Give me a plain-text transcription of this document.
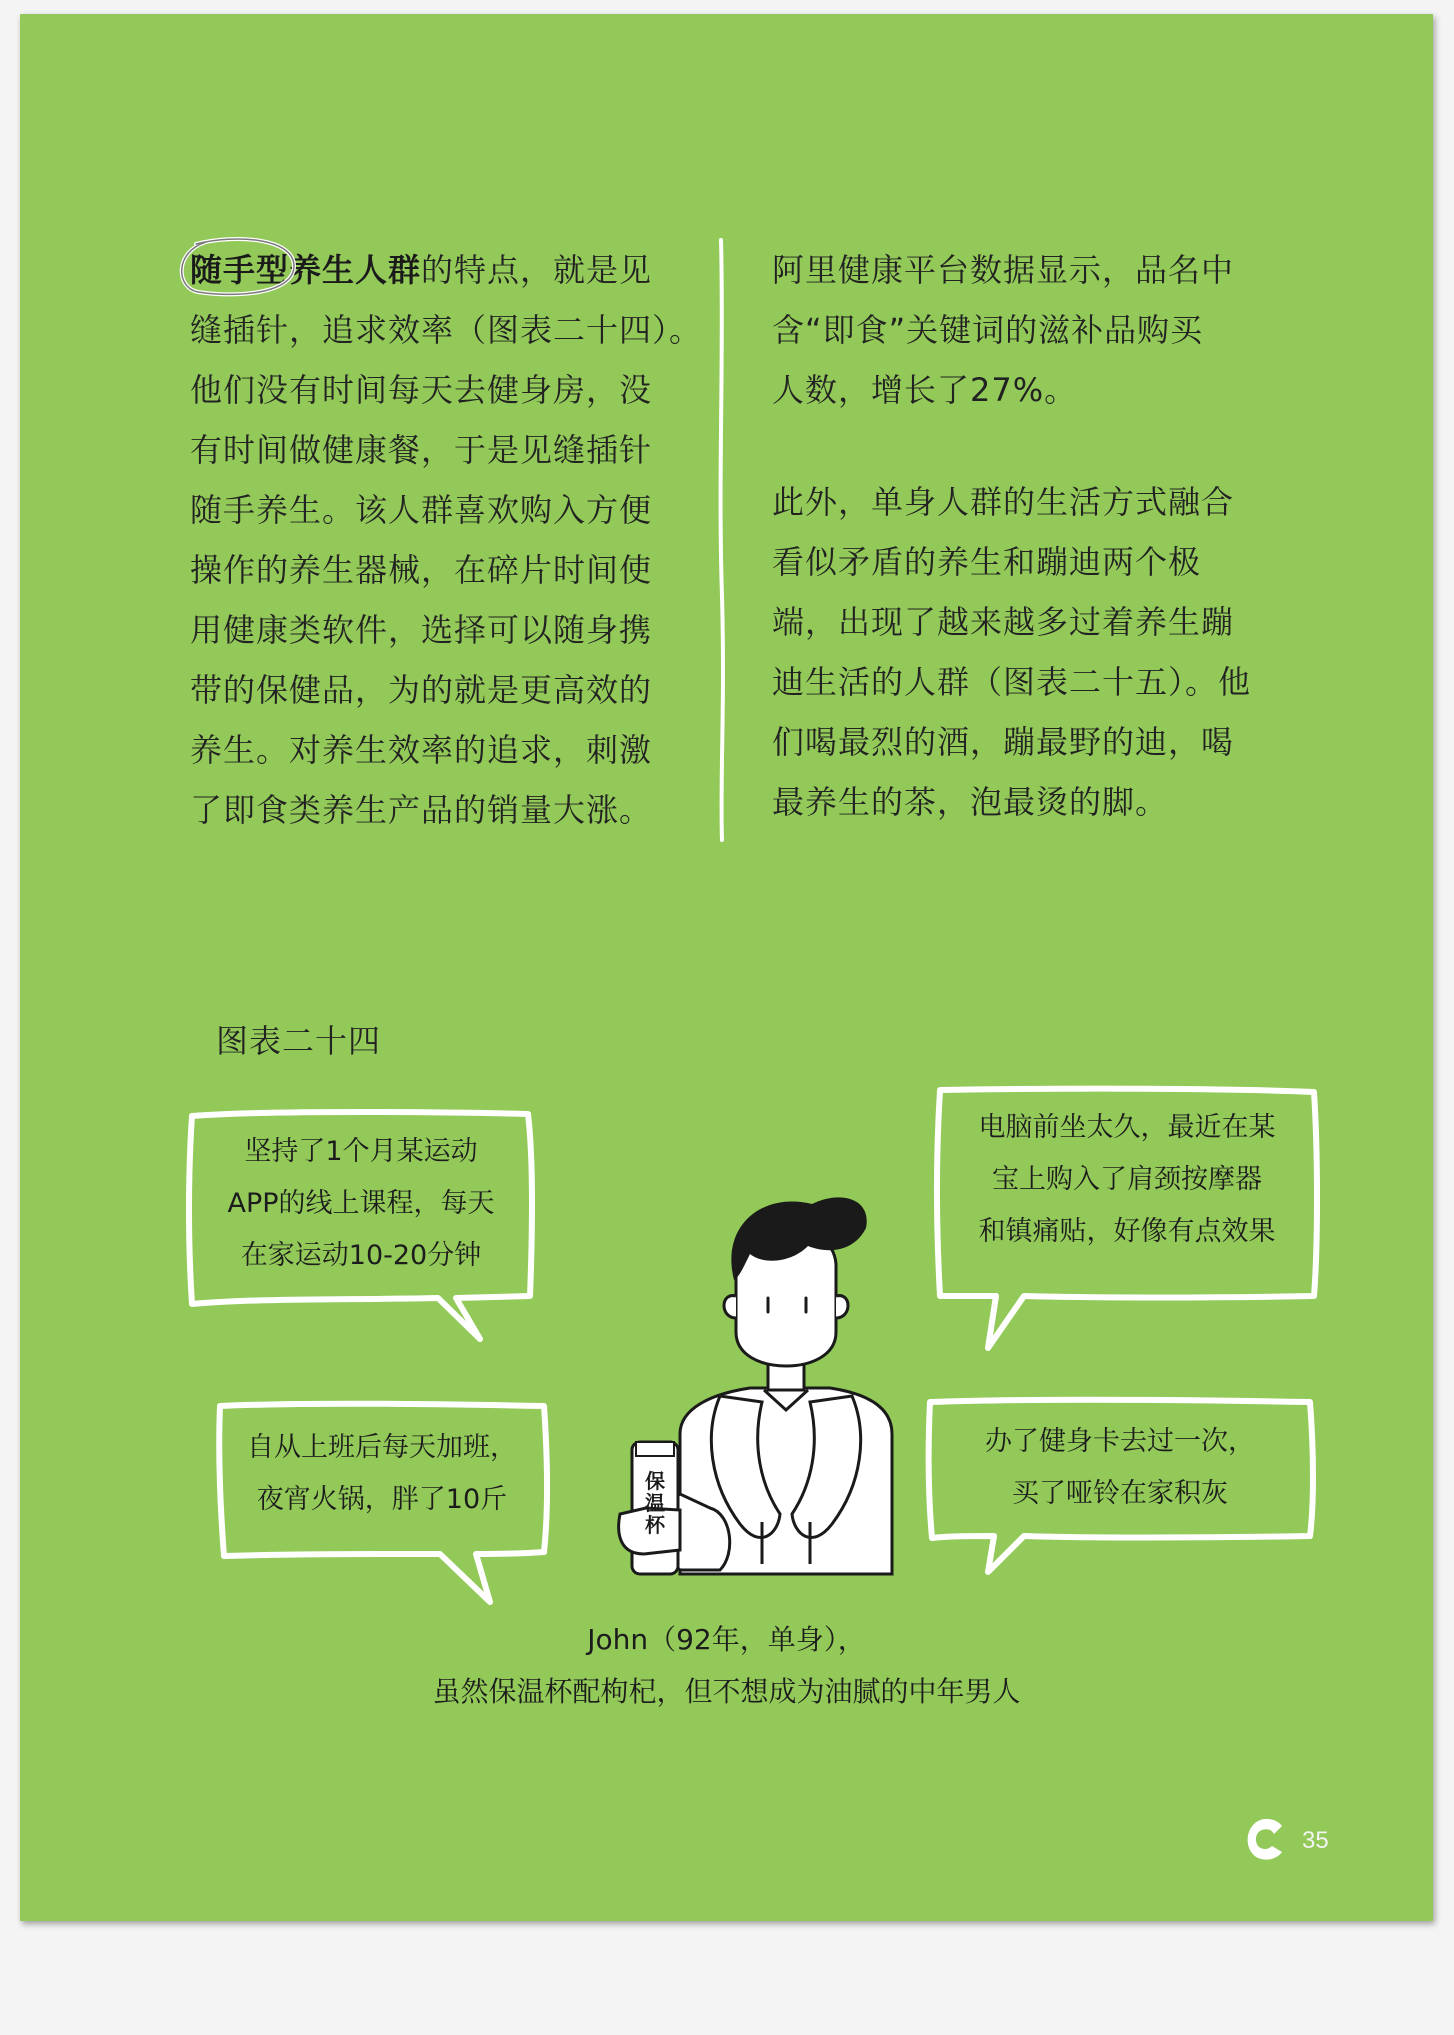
随手型养生人群的特点，就是见

缝插针，追求效率（图表二十四）。

他们没有时间每天去健身房，没

有时间做健康餐，于是见缝插针

随手养生。该人群喜欢购入方便

操作的养生器械，在碎片时间使

用健康类软件，选择可以随身携

带的保健品，为的就是更高效的

养生。对养生效率的追求，刺激

了即食类养生产品的销量大涨。

阿里健康平台数据显示，品名中

含“即食”关键词的滋补品购买

人数，增长了27%。

此外，单身人群的生活方式融合

看似矛盾的养生和蹦迪两个极

端，出现了越来越多过着养生蹦

迪生活的人群（图表二十五）。他

们喝最烈的酒，蹦最野的迪，喝

最养生的茶，泡最烫的脚。

图表二十四
保
温
杯
坚持了1个月某运动
APP的线上课程，每天
在家运动10-20分钟
电脑前坐太久，最近在某
宝上购入了肩颈按摩器
和镇痛贴，好像有点效果
自从上班后每天加班，
夜宵火锅，胖了10斤
办了健身卡去过一次，
买了哑铃在家积灰
John（92年，单身），
虽然保温杯配枸杞，但不想成为油腻的中年男人
35
